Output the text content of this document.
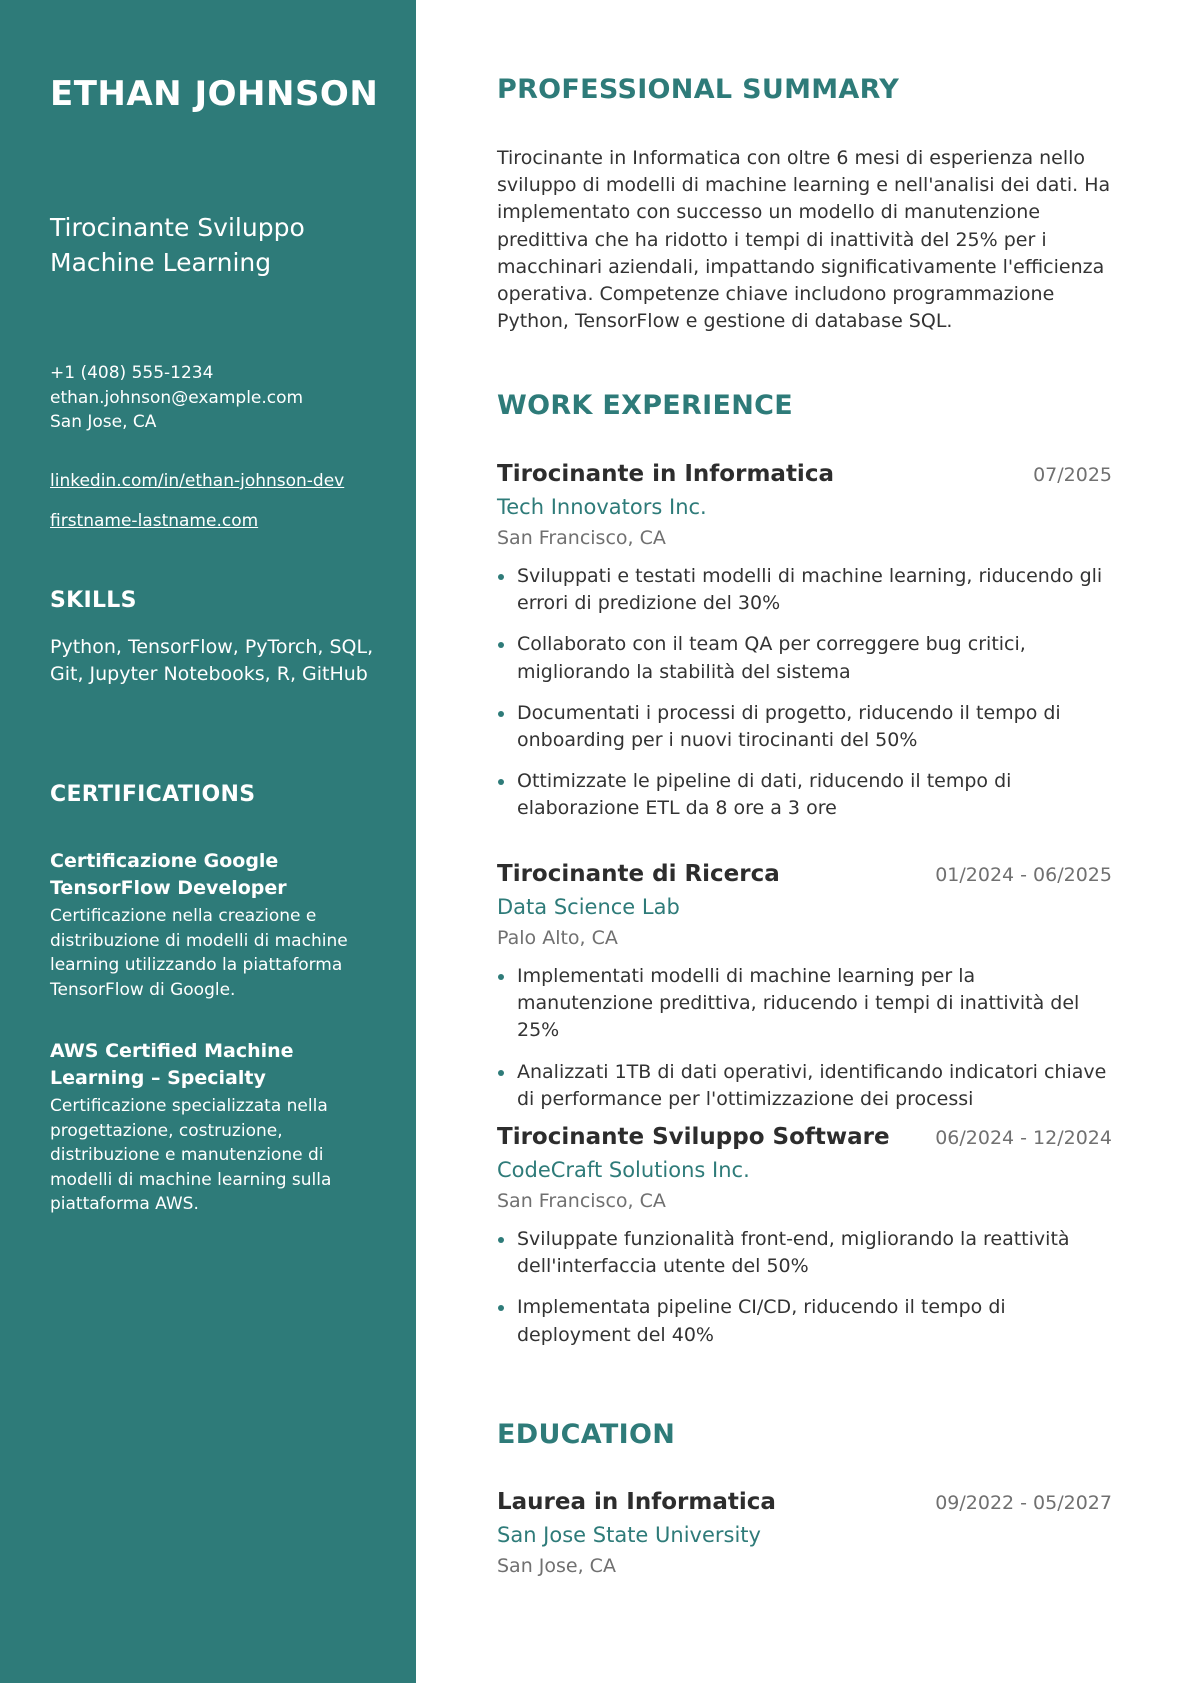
ETHAN JOHNSON
Tirocinante Sviluppo Machine Learning
+1 (408) 555-1234
ethan.johnson@example.com
San Jose, CA
linkedin.com/in/ethan-johnson-dev
firstname-lastname.com
SKILLS
Python, TensorFlow, PyTorch, SQL, Git, Jupyter Notebooks, R, GitHub
CERTIFICATIONS
Certificazione Google TensorFlow Developer
Certificazione nella creazione e distribuzione di modelli di machine learning utilizzando la piattaforma TensorFlow di Google.
AWS Certified Machine Learning – Specialty
Certificazione specializzata nella progettazione, costruzione, distribuzione e manutenzione di modelli di machine learning sulla piattaforma AWS.
PROFESSIONAL SUMMARY

Tirocinante in Informatica con oltre 6 mesi di esperienza nello sviluppo di modelli di machine learning e nell'analisi dei dati. Ha implementato con successo un modello di manutenzione predittiva che ha ridotto i tempi di inattività del 25% per i macchinari aziendali, impattando significativamente l'efficienza operativa. Competenze chiave includono programmazione Python, TensorFlow e gestione di database SQL.

WORK EXPERIENCE
Tirocinante in Informatica	07/2025
Tech Innovators Inc.
San Francisco, CA
Sviluppati e testati modelli di machine learning, riducendo gli errori di predizione del 30%
Collaborato con il team QA per correggere bug critici, migliorando la stabilità del sistema
Documentati i processi di progetto, riducendo il tempo di onboarding per i nuovi tirocinanti del 50%
Ottimizzate le pipeline di dati, riducendo il tempo di elaborazione ETL da 8 ore a 3 ore
Tirocinante di Ricerca	01/2024 - 06/2025
Data Science Lab
Palo Alto, CA
Implementati modelli di machine learning per la manutenzione predittiva, riducendo i tempi di inattività del 25%
Analizzati 1TB di dati operativi, identificando indicatori chiave di performance per l'ottimizzazione dei processi
Tirocinante Sviluppo Software	06/2024 - 12/2024
CodeCraft Solutions Inc.
San Francisco, CA
Sviluppate funzionalità front-end, migliorando la reattività dell'interfaccia utente del 50%
Implementata pipeline CI/CD, riducendo il tempo di deployment del 40%
EDUCATION
Laurea in Informatica	09/2022 - 05/2027
San Jose State University
San Jose, CA
